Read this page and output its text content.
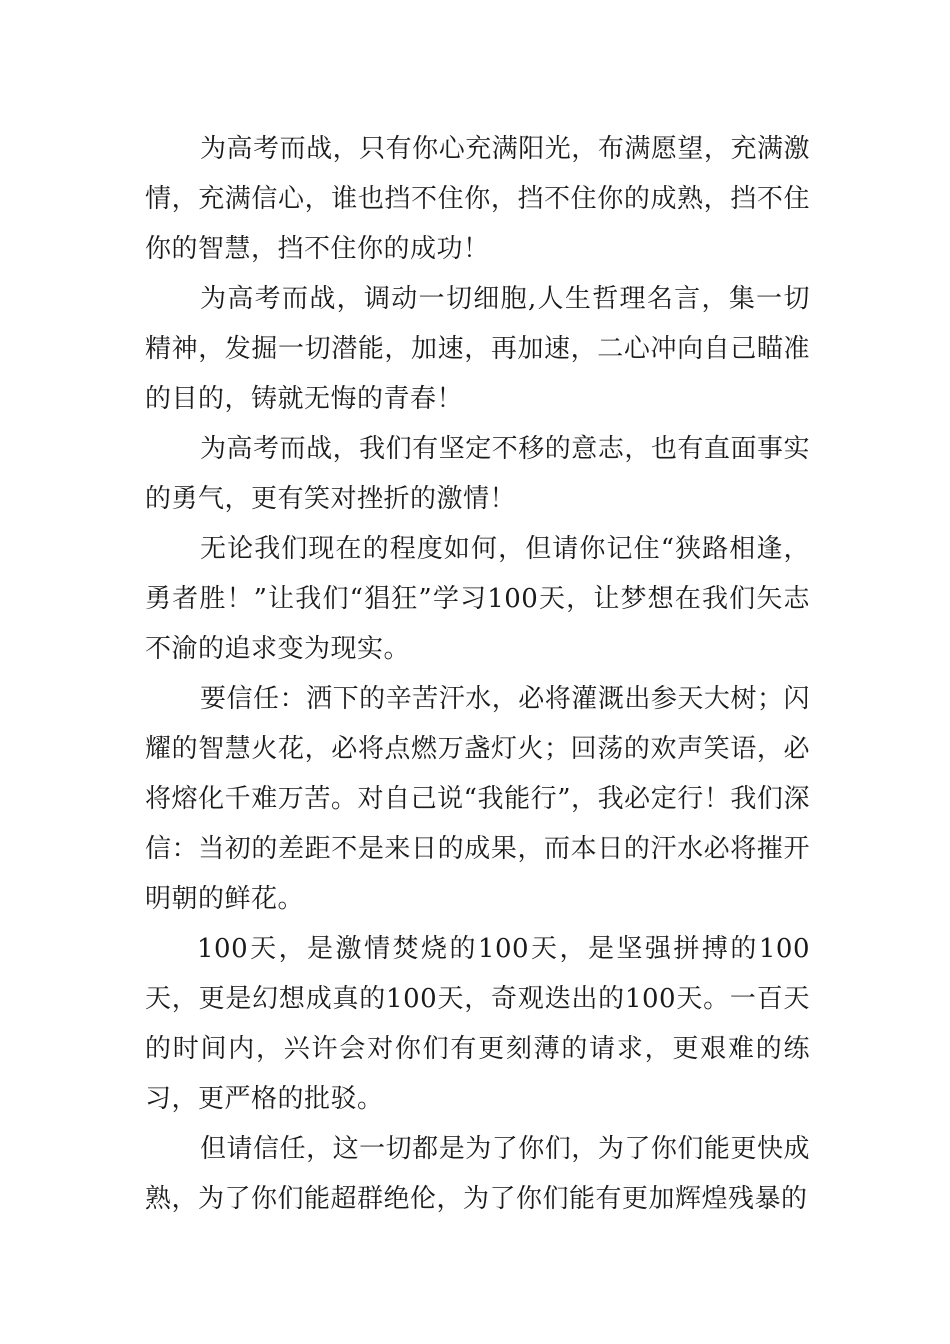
为高考而战，只有你心充满阳光，布满愿望，充满激情，充满信心，谁也挡不住你，挡不住你的成熟，挡不住你的智慧，挡不住你的成功！

为高考而战，调动一切细胞,人生哲理名言，集一切精神，发掘一切潜能，加速，再加速，二心冲向自己瞄准的目的，铸就无悔的青春！

为高考而战，我们有坚定不移的意志，也有直面事实的勇气，更有笑对挫折的激情！

无论我们现在的程度如何，但请你记住“狭路相逢，勇者胜！”让我们“猖狂”学习100天，让梦想在我们矢志不渝的追求变为现实。

要信任：洒下的辛苦汗水，必将灌溉出参天大树；闪耀的智慧火花，必将点燃万盏灯火；回荡的欢声笑语，必将熔化千难万苦。对自己说“我能行”，我必定行！我们深信：当初的差距不是来日的成果，而本日的汗水必将摧开明朝的鲜花。

100天，是激情焚烧的100天，是坚强拼搏的100天，更是幻想成真的100天，奇观迭出的100天。一百天的时间内，兴许会对你们有更刻薄的请求，更艰难的练习，更严格的批驳。

但请信任，这一切都是为了你们，为了你们能更快成熟，为了你们能超群绝伦，为了你们能有更加辉煌残暴的
